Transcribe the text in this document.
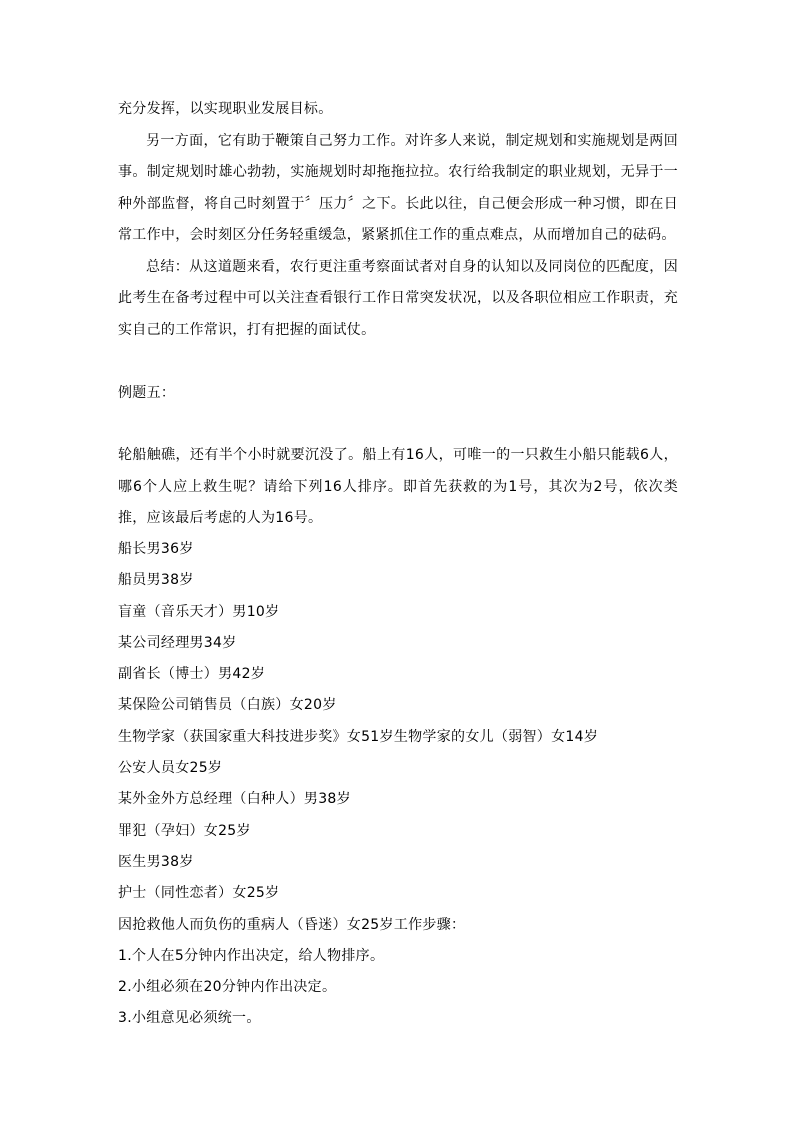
充分发挥，以实现职业发展目标。

另一方面，它有助于鞭策自己努力工作。对许多人来说，制定规划和实施规划是两回事。制定规划时雄心勃勃，实施规划时却拖拖拉拉。农行给我制定的职业规划，无异于一种外部监督，将自己时刻置于〞压力〞之下。长此以往，自己便会形成一种习惯，即在日常工作中，会时刻区分任务轻重缓急，紧紧抓住工作的重点难点，从而增加自己的砝码。

总结：从这道题来看，农行更注重考察面试者对自身的认知以及同岗位的匹配度，因此考生在备考过程中可以关注查看银行工作日常突发状况，以及各职位相应工作职责，充实自己的工作常识，打有把握的面试仗。

例题五：

轮船触礁，还有半个小时就要沉没了。船上有16人，可唯一的一只救生小船只能载6人，哪6个人应上救生呢？请给下列16人排序。即首先获救的为1号，其次为2号，依次类推，应该最后考虑的人为16号。

船长男36岁

船员男38岁

盲童（音乐天才）男10岁

某公司经理男34岁

副省长（博士）男42岁

某保险公司销售员（白族）女20岁

生物学家（获国家重大科技进步奖》女51岁生物学家的女儿（弱智）女14岁

公安人员女25岁

某外金外方总经理（白种人）男38岁

罪犯（孕妇）女25岁

医生男38岁

护士（同性恋者）女25岁

因抢救他人而负伤的重病人（昏迷）女25岁工作步骤：

1.个人在5分钟内作出决定，给人物排序。

2.小组必须在20分钟内作出决定。

3.小组意见必须统一。
